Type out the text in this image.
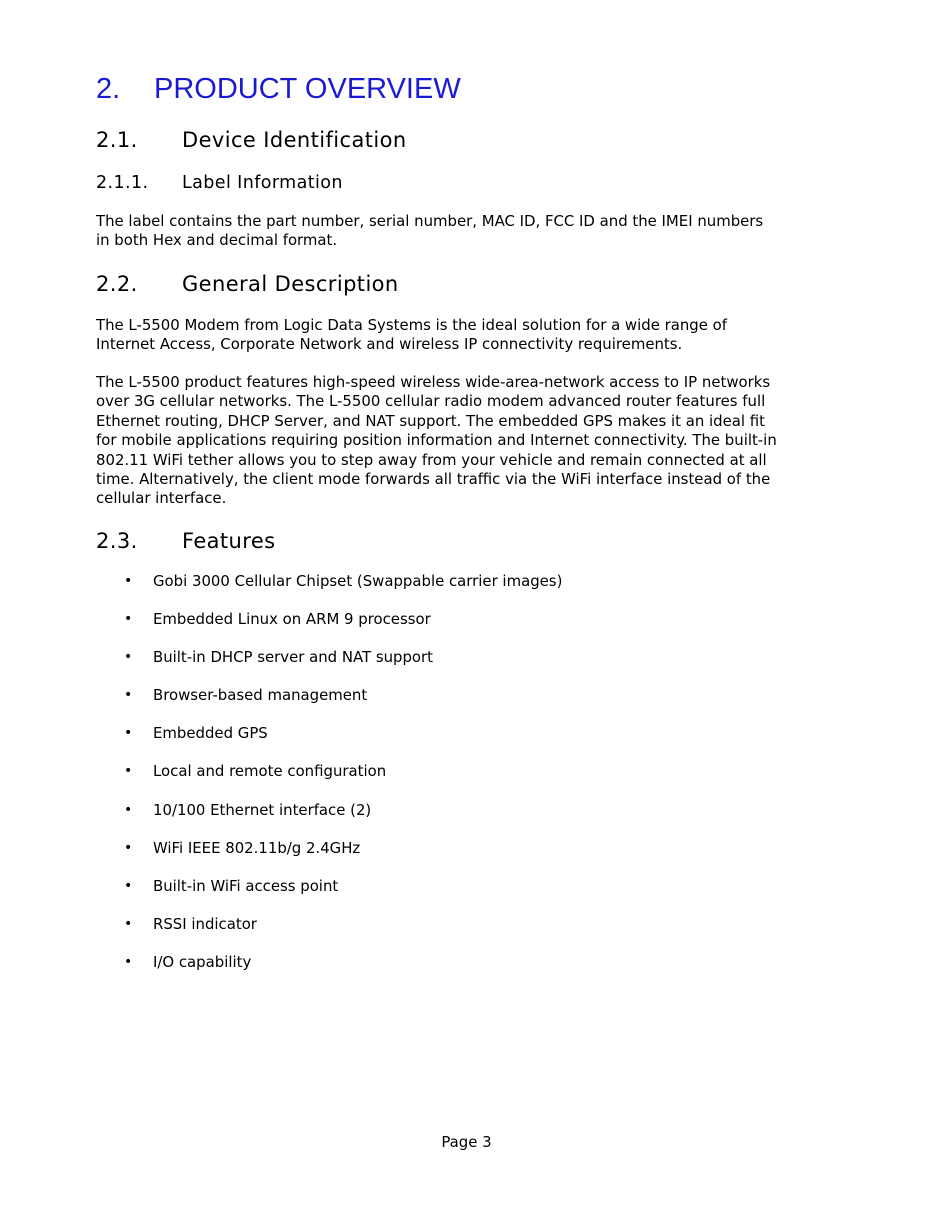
2. PRODUCT OVERVIEW
2.1. Device Identification
2.1.1. Label Information

The label contains the part number, serial number, MAC ID, FCC ID and the IMEI numbers
in both Hex and decimal format.

2.2. General Description

The L-5500 Modem from Logic Data Systems is the ideal solution for a wide range of
Internet Access, Corporate Network and wireless IP connectivity requirements.

The L-5500 product features high-speed wireless wide-area-network access to IP networks
over 3G cellular networks. The L-5500 cellular radio modem advanced router features full
Ethernet routing, DHCP Server, and NAT support. The embedded GPS makes it an ideal fit
for mobile applications requiring position information and Internet connectivity. The built-in
802.11 WiFi tether allows you to step away from your vehicle and remain connected at all
time. Alternatively, the client mode forwards all traffic via the WiFi interface instead of the
cellular interface.

2.3. Features
• Gobi 3000 Cellular Chipset (Swappable carrier images)
• Embedded Linux on ARM 9 processor
• Built-in DHCP server and NAT support
• Browser-based management
• Embedded GPS
• Local and remote configuration
• 10/100 Ethernet interface (2)
• WiFi IEEE 802.11b/g 2.4GHz
• Built-in WiFi access point
• RSSI indicator
• I/O capability
Page 3
